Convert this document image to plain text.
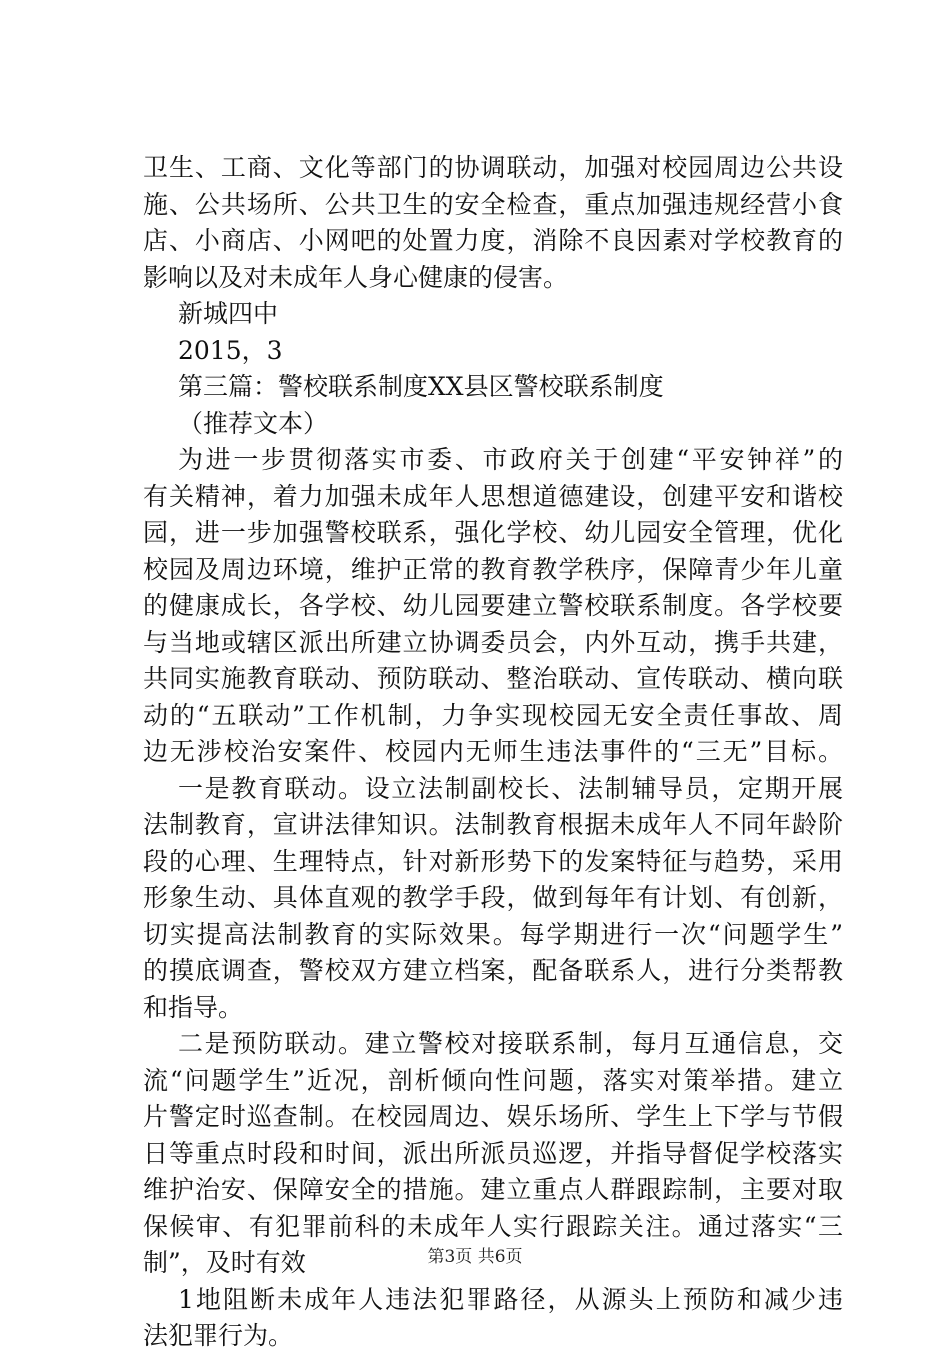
卫生、工商、文化等部门的协调联动，加强对校园周边公共设
施、公共场所、公共卫生的安全检查，重点加强违规经营小食
店、小商店、小网吧的处置力度，消除不良因素对学校教育的
影响以及对未成年人身心健康的侵害。
新城四中
2015，3
第三篇：警校联系制度XX县区警校联系制度
（推荐文本）
为进一步贯彻落实市委、市政府关于创建“平安钟祥”的
有关精神，着力加强未成年人思想道德建设，创建平安和谐校
园，进一步加强警校联系，强化学校、幼儿园安全管理，优化
校园及周边环境，维护正常的教育教学秩序，保障青少年儿童
的健康成长，各学校、幼儿园要建立警校联系制度。各学校要
与当地或辖区派出所建立协调委员会，内外互动，携手共建，
共同实施教育联动、预防联动、整治联动、宣传联动、横向联
动的“五联动”工作机制，力争实现校园无安全责任事故、周
边无涉校治安案件、校园内无师生违法事件的“三无”目标。
一是教育联动。设立法制副校长、法制辅导员，定期开展
法制教育，宣讲法律知识。法制教育根据未成年人不同年龄阶
段的心理、生理特点，针对新形势下的发案特征与趋势，采用
形象生动、具体直观的教学手段，做到每年有计划、有创新，
切实提高法制教育的实际效果。每学期进行一次“问题学生”
的摸底调查，警校双方建立档案，配备联系人，进行分类帮教
和指导。
二是预防联动。建立警校对接联系制，每月互通信息，交
流“问题学生”近况，剖析倾向性问题，落实对策举措。建立
片警定时巡查制。在校园周边、娱乐场所、学生上下学与节假
日等重点时段和时间，派出所派员巡逻，并指导督促学校落实
维护治安、保障安全的措施。建立重点人群跟踪制，主要对取
保候审、有犯罪前科的未成年人实行跟踪关注。通过落实“三
制”，及时有效
1地阻断未成年人违法犯罪路径，从源头上预防和减少违
法犯罪行为。
第3页 共6页
